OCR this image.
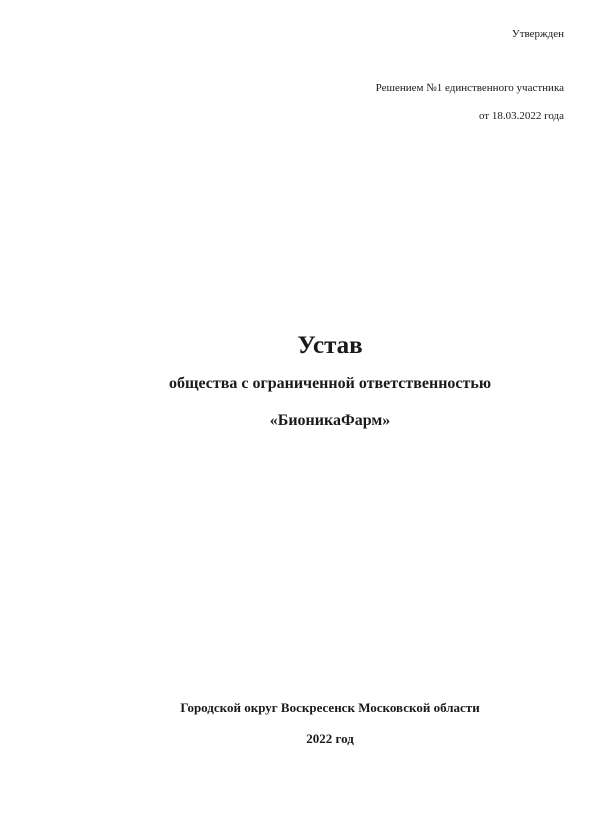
Утвержден
Решением №1 единственного участника
от 18.03.2022 года
Устав
общества с ограниченной ответственностью
«БионикаФарм»
Городской округ Воскресенск Московской области
2022 год
